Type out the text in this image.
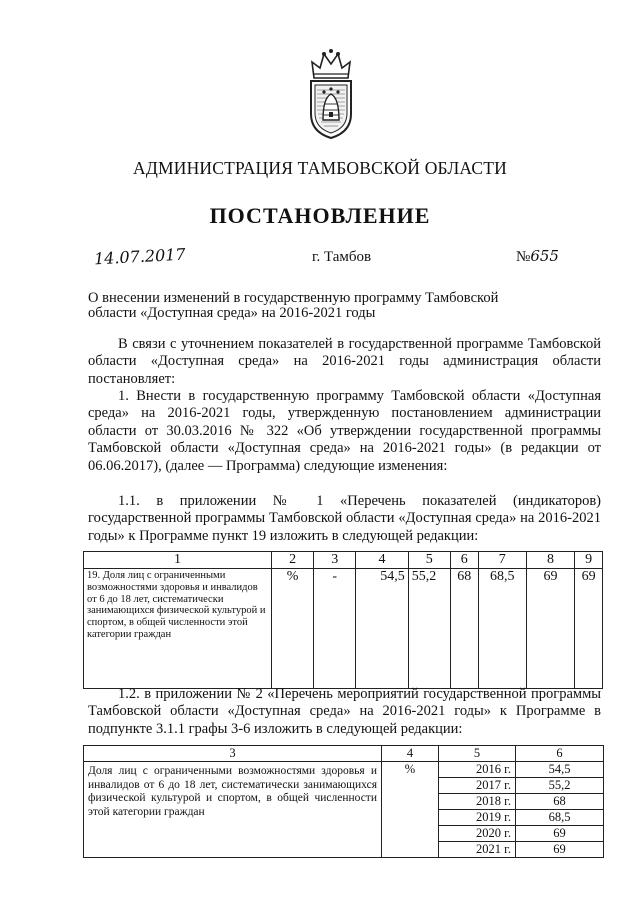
АДМИНИСТРАЦИЯ ТАМБОВСКОЙ ОБЛАСТИ
ПОСТАНОВЛЕНИЕ
14.07.2017	г. Тамбов	№655
О внесении изменений в государственную программу Тамбовской области «Доступная среда» на 2016-2021 годы
В связи с уточнением показателей в государственной программе Тамбовской области «Доступная среда» на 2016-2021 годы администрация области постановляет:
1. Внести в государственную программу Тамбовской области «Доступная среда» на 2016-2021 годы, утвержденную постановлением администрации области от 30.03.2016 № 322 «Об утверждении государственной программы Тамбовской области «Доступная среда» на 2016-2021 годы» (в редакции от 06.06.2017), (далее — Программа) следующие изменения:
1.1. в приложении № 1 «Перечень показателей (индикаторов) государственной программы Тамбовской области «Доступная среда» на 2016-2021 годы» к Программе пункт 19 изложить в следующей редакции:
1	2	3	4	5	6	7	8	9
19. Доля лиц с ограниченными возможностями здоровья и инвалидов от 6 до 18 лет, систематически занимающихся физической культурой и спортом, в общей численности этой категории граждан	%	-	54,5	55,2	68	68,5	69	69
1.2. в приложении № 2 «Перечень мероприятий государственной программы Тамбовской области «Доступная среда» на 2016-2021 годы» к Программе в подпункте 3.1.1 графы 3-6 изложить в следующей редакции:
3	4	5	6
Доля лиц с ограниченными возможностями здоровья и инвалидов от 6 до 18 лет, систематически занимающихся физической культурой и спортом, в общей численности этой категории граждан	%	2016 г.	54,5
		2017 г.	55,2
		2018 г.	68
		2019 г.	68,5
		2020 г.	69
		2021 г.	69
